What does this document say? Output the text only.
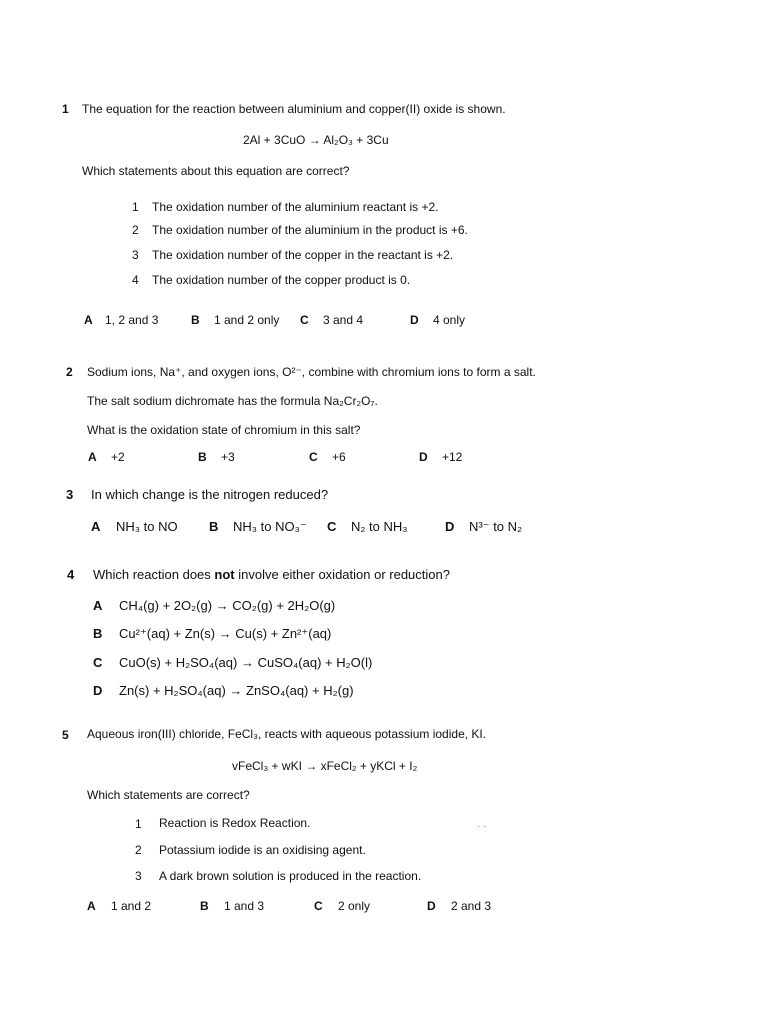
1 The equation for the reaction between aluminium and copper(II) oxide is shown.
2Al + 3CuO → Al₂O₃ + 3Cu
Which statements about this equation are correct?
1 The oxidation number of the aluminium reactant is +2.
2 The oxidation number of the aluminium in the product is +6.
3 The oxidation number of the copper in the reactant is +2.
4 The oxidation number of the copper product is 0.
A 1, 2 and 3	B 1 and 2 only C 3 and 4	D 4 only
2 Sodium ions, Na⁺, and oxygen ions, O²⁻, combine with chromium ions to form a salt.
The salt sodium dichromate has the formula Na₂Cr₂O₇.
What is the oxidation state of chromium in this salt?
A +2	B +3	C +6	D +12
3 In which change is the nitrogen reduced?
A NH₃ to NO B NH₃ to NO₃⁻ C N₂ to NH₃	D N³⁻ to N₂
4 Which reaction does not involve either oxidation or reduction?
A CH₄(g) + 2O₂(g) → CO₂(g) + 2H₂O(g)
B Cu²⁺(aq) + Zn(s) → Cu(s) + Zn²⁺(aq)
C CuO(s) + H₂SO₄(aq) → CuSO₄(aq) + H₂O(l)
D Zn(s) + H₂SO₄(aq) → ZnSO₄(aq) + H₂(g)
5 Aqueous iron(III) chloride, FeCl₃, reacts with aqueous potassium iodide, KI.
vFeCl₃ + wKI → xFeCl₂ + yKCl + I₂
Which statements are correct?
1 Reaction is Redox Reaction.
2 Potassium iodide is an oxidising agent.
3 A dark brown solution is produced in the reaction.
A 1 and 2	B 1 and 3	C 2 only	D 2 and 3
· ·
